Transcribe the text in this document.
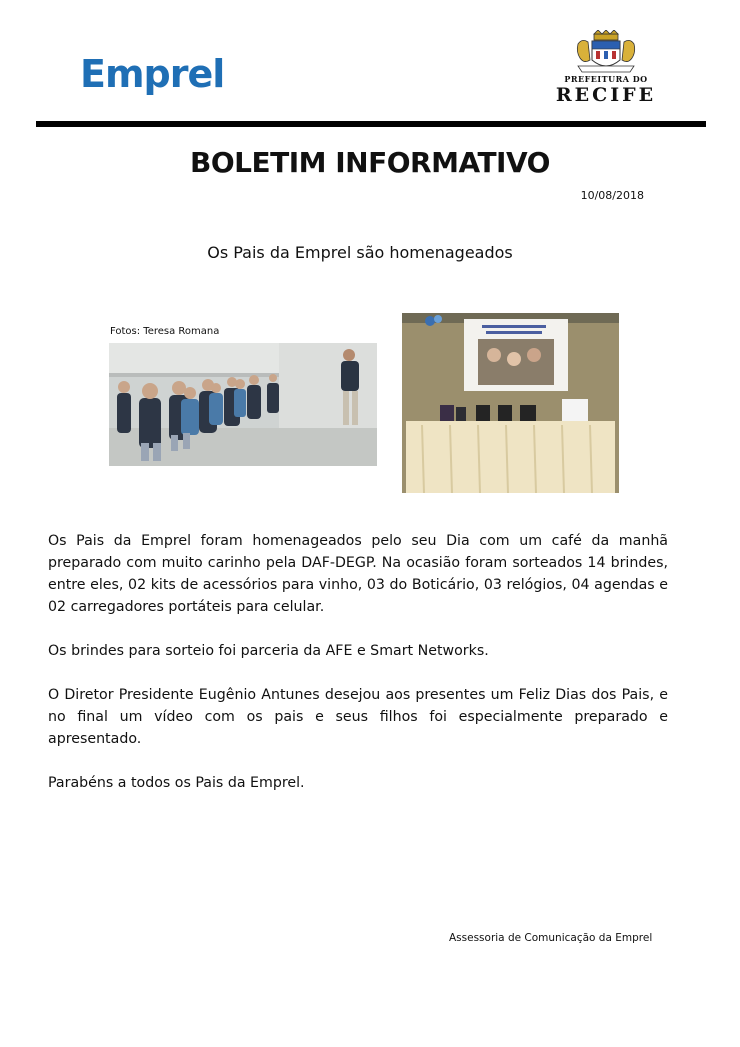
Emprel	PREFEITURA DO
RECIFE
BOLETIM INFORMATIVO
10/08/2018
Os Pais da Emprel são homenageados
Fotos: Teresa Romana
Os Pais da Emprel foram homenageados pelo seu Dia com um café da manhã preparado com muito carinho pela DAF-DEGP. Na ocasião foram sorteados 14 brindes, entre eles, 02 kits de acessórios para vinho, 03 do Boticário, 03 relógios, 04 agendas e 02 carregadores portáteis para celular.
Os brindes para sorteio foi parceria da AFE e Smart Networks.
O Diretor Presidente Eugênio Antunes desejou aos presentes um Feliz Dias dos Pais, e no final um vídeo com os pais e seus filhos foi especialmente preparado e apresentado.
Parabéns a todos os Pais da Emprel.
Assessoria de Comunicação da Emprel
